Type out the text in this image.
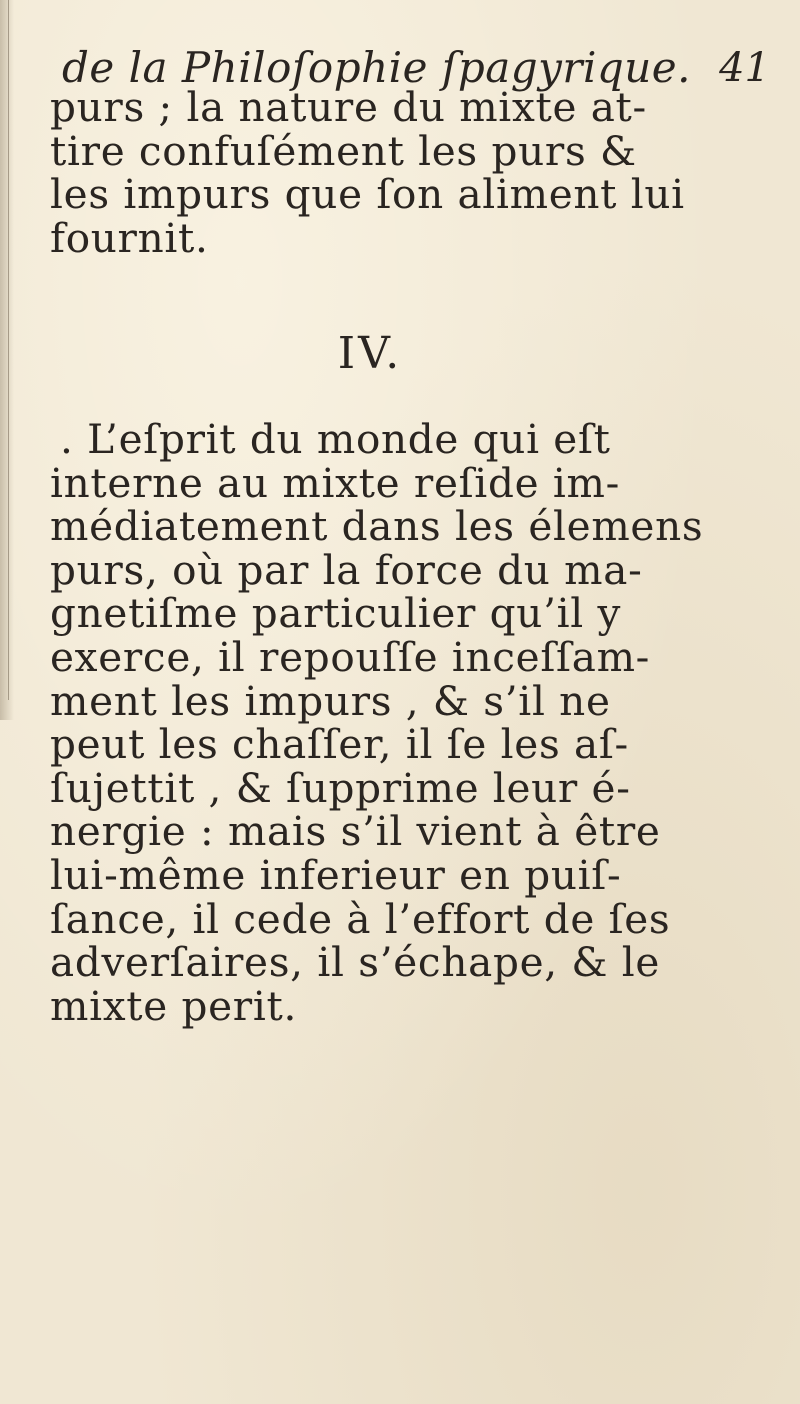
de la Philoſophie ſpagyrique. 41
purs ; la nature du mixte at-
tire confuſément les purs &
les impurs que ſon aliment lui
fournit.
IV.
. L’eſprit du monde qui eſt
interne au mixte reſide im-
médiatement dans les élemens
purs, où par la force du ma-
gnetiſme particulier qu’il y
exerce, il repouſſe inceſſam-
ment les impurs , & s’il ne
peut les chaſſer, il ſe les aſ-
ſujettit , & ſupprime leur é-
nergie : mais s’il vient à être
lui-même inferieur en puiſ-
ſance, il cede à l’effort de ſes
adverſaires, il s’échape, & le
mixte perit.
